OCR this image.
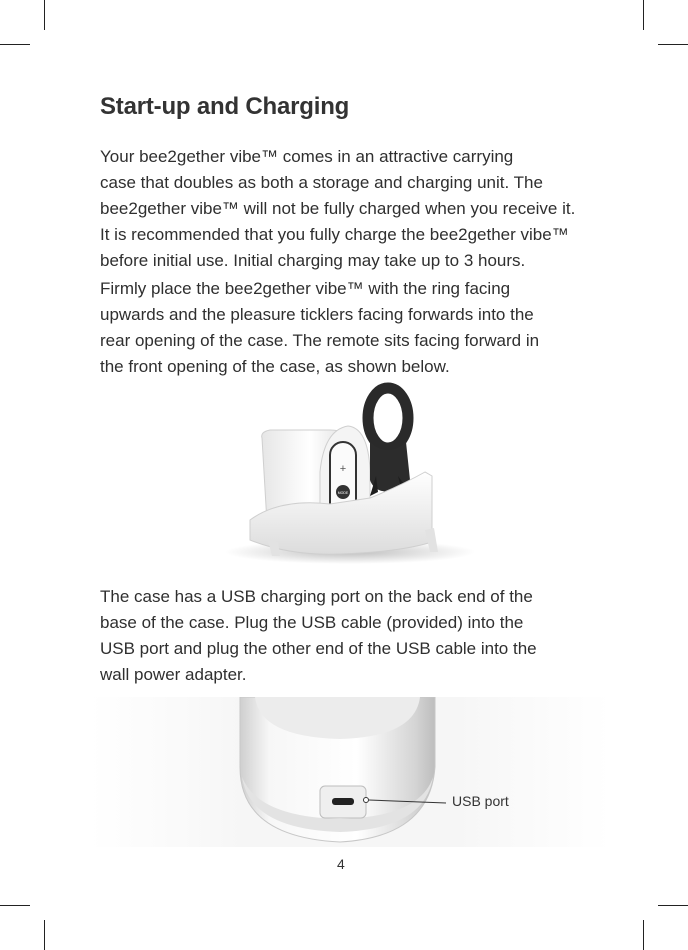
Start-up and Charging

Your bee2gether vibe™ comes in an attractive carrying
case that doubles as both a storage and charging unit. The
bee2gether vibe™ will not be fully charged when you receive it.
It is recommended that you fully charge the bee2gether vibe™
before initial use. Initial charging may take up to 3 hours.

Firmly place the bee2gether vibe™ with the ring facing
upwards and the pleasure ticklers facing forwards into the
rear opening of the case. The remote sits facing forward in
the front opening of the case, as shown below.

+
MODE

The case has a USB charging port on the back end of the
base of the case. Plug the USB cable (provided) into the
USB port and plug the other end of the USB cable into the
wall power adapter.

USB port
4
